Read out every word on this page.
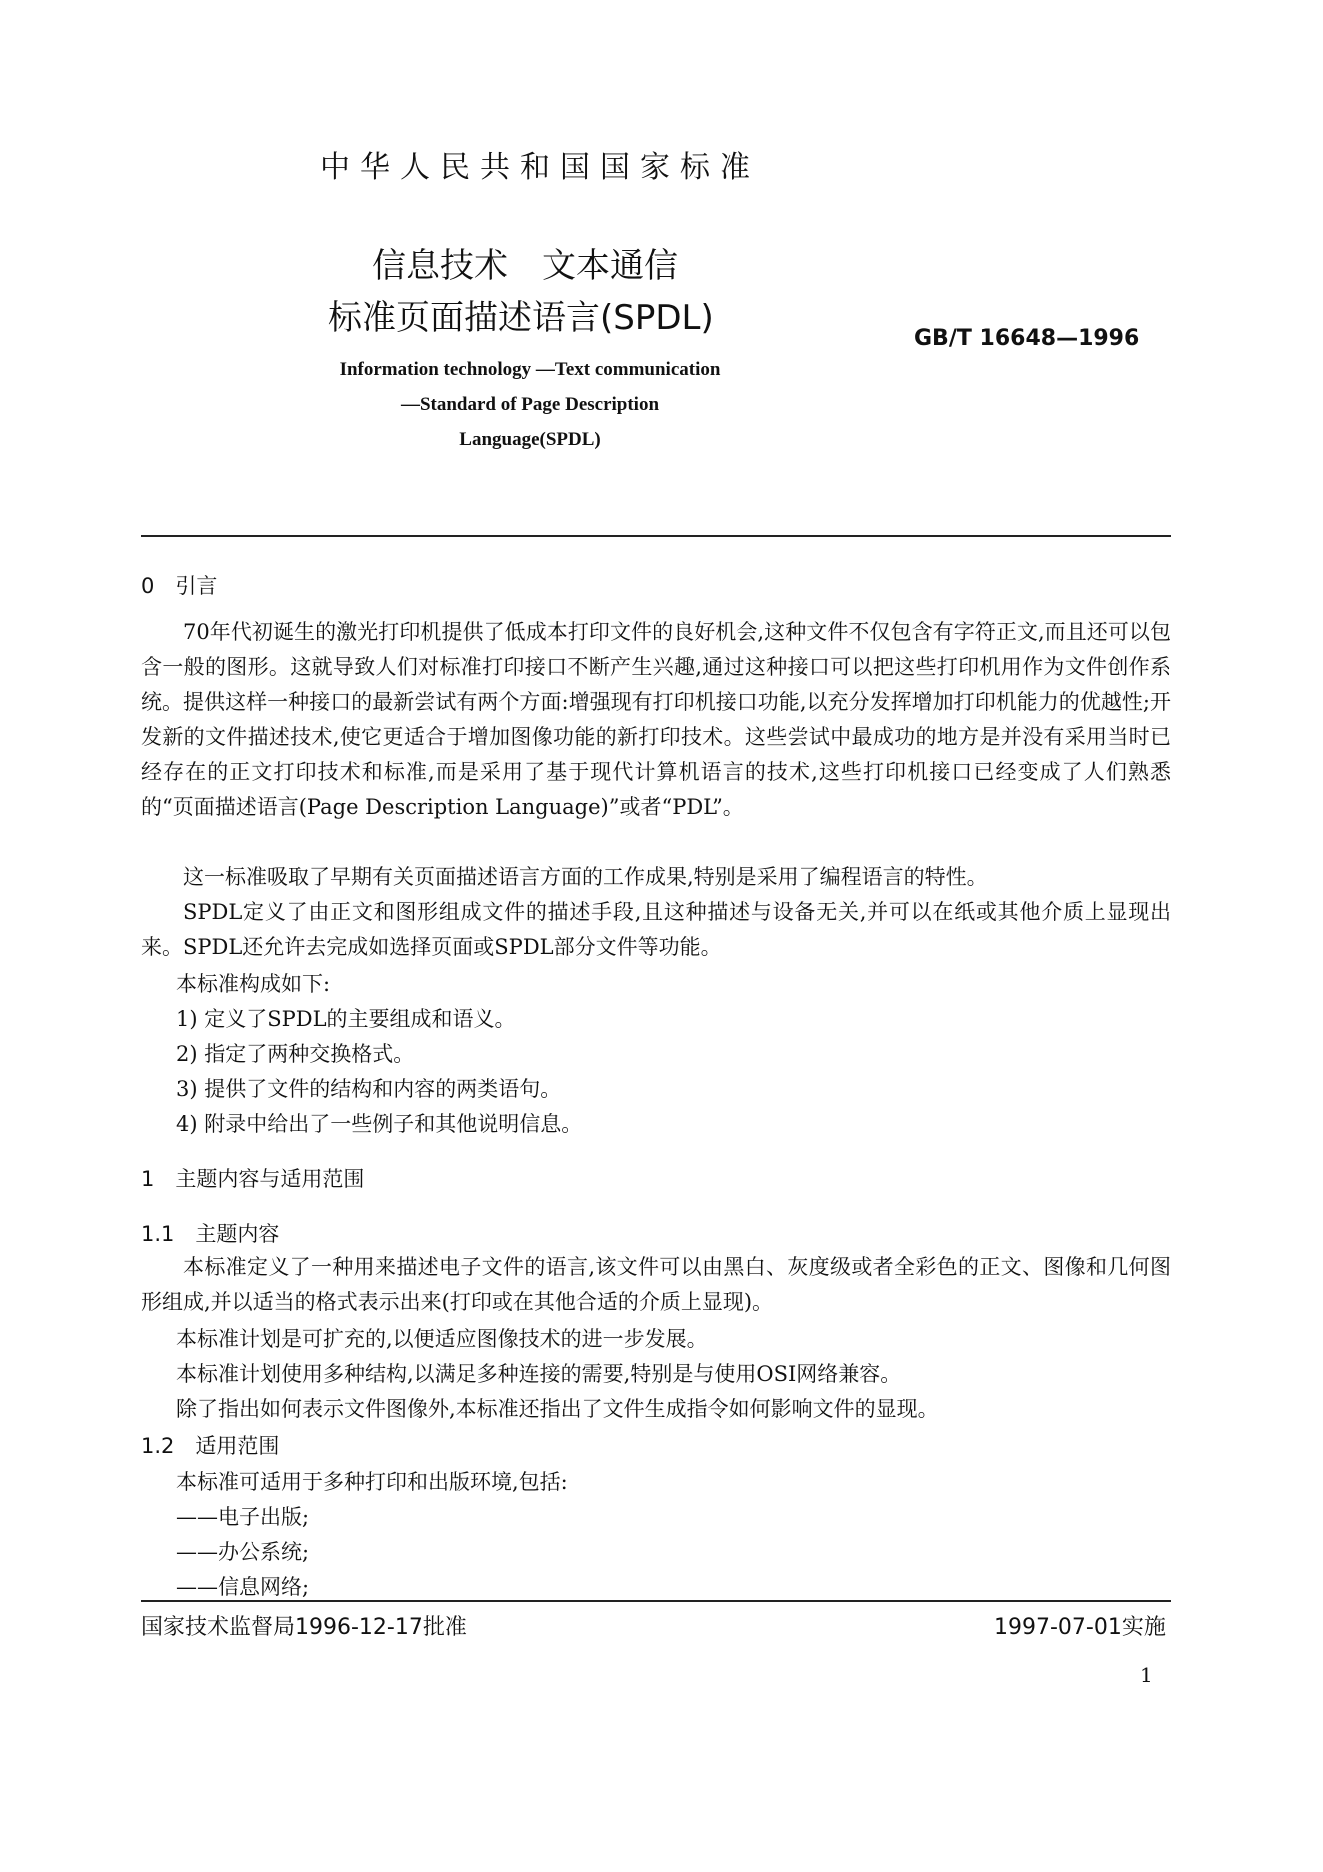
中华人民共和国国家标准
信息技术　文本通信
标准页面描述语言(SPDL)
GB/T 16648—1996
Information technology —Text communication
—Standard of Page Description
Language(SPDL)
0　引言
70年代初诞生的激光打印机提供了低成本打印文件的良好机会,这种文件不仅包含有字符正文,而且还可以包含一般的图形。这就导致人们对标准打印接口不断产生兴趣,通过这种接口可以把这些打印机用作为文件创作系统。提供这样一种接口的最新尝试有两个方面:增强现有打印机接口功能,以充分发挥增加打印机能力的优越性;开发新的文件描述技术,使它更适合于增加图像功能的新打印技术。这些尝试中最成功的地方是并没有采用当时已经存在的正文打印技术和标准,而是采用了基于现代计算机语言的技术,这些打印机接口已经变成了人们熟悉的“页面描述语言(Page Description Language)”或者“PDL”。
这一标准吸取了早期有关页面描述语言方面的工作成果,特别是采用了编程语言的特性。
SPDL定义了由正文和图形组成文件的描述手段,且这种描述与设备无关,并可以在纸或其他介质上显现出来。SPDL还允许去完成如选择页面或SPDL部分文件等功能。
本标准构成如下:
1) 定义了SPDL的主要组成和语义。
2) 指定了两种交换格式。
3) 提供了文件的结构和内容的两类语句。
4) 附录中给出了一些例子和其他说明信息。
1　主题内容与适用范围
1.1　主题内容
本标准定义了一种用来描述电子文件的语言,该文件可以由黑白、灰度级或者全彩色的正文、图像和几何图形组成,并以适当的格式表示出来(打印或在其他合适的介质上显现)。
本标准计划是可扩充的,以便适应图像技术的进一步发展。
本标准计划使用多种结构,以满足多种连接的需要,特别是与使用OSI网络兼容。
除了指出如何表示文件图像外,本标准还指出了文件生成指令如何影响文件的显现。
1.2　适用范围
本标准可适用于多种打印和出版环境,包括:
——电子出版;
——办公系统;
——信息网络;
国家技术监督局1996-12-17批准	1997-07-01实施
1
